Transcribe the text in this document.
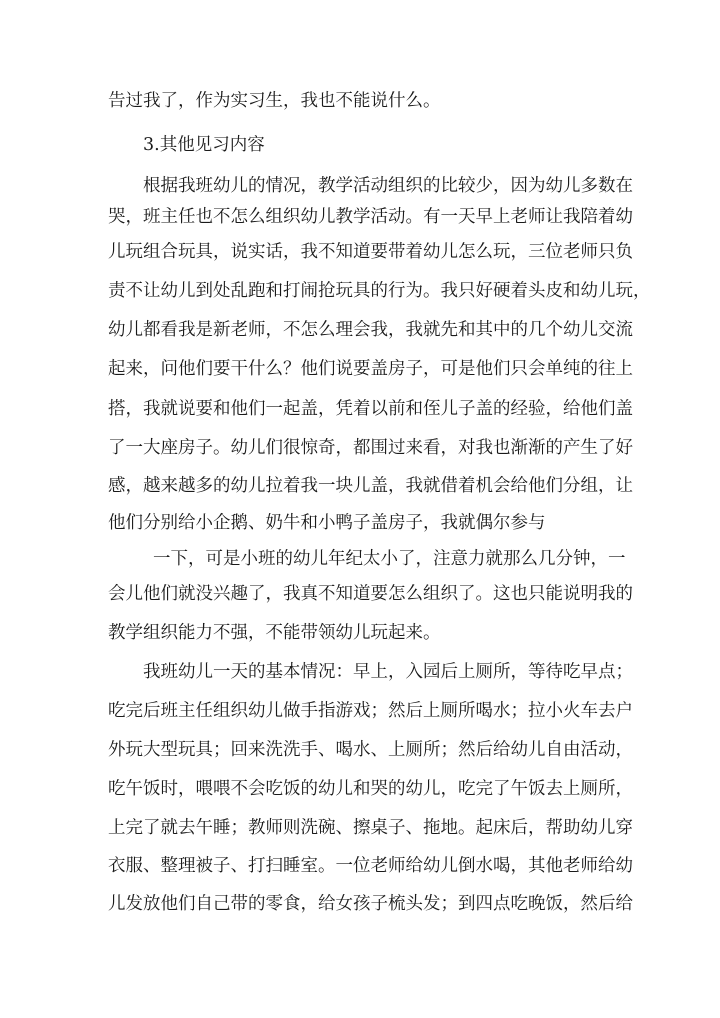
告过我了，作为实习生，我也不能说什么。
3.其他见习内容
根据我班幼儿的情况，教学活动组织的比较少，因为幼儿多数在
哭，班主任也不怎么组织幼儿教学活动。有一天早上老师让我陪着幼
儿玩组合玩具，说实话，我不知道要带着幼儿怎么玩，三位老师只负
责不让幼儿到处乱跑和打闹抢玩具的行为。我只好硬着头皮和幼儿玩，
幼儿都看我是新老师，不怎么理会我，我就先和其中的几个幼儿交流
起来，问他们要干什么？他们说要盖房子，可是他们只会单纯的往上
搭，我就说要和他们一起盖，凭着以前和侄儿子盖的经验，给他们盖
了一大座房子。幼儿们很惊奇，都围过来看，对我也渐渐的产生了好
感，越来越多的幼儿拉着我一块儿盖，我就借着机会给他们分组，让
他们分别给小企鹅、奶牛和小鸭子盖房子，我就偶尔参与
一下，可是小班的幼儿年纪太小了，注意力就那么几分钟，一
会儿他们就没兴趣了，我真不知道要怎么组织了。这也只能说明我的
教学组织能力不强，不能带领幼儿玩起来。
我班幼儿一天的基本情况：早上，入园后上厕所，等待吃早点；
吃完后班主任组织幼儿做手指游戏；然后上厕所喝水；拉小火车去户
外玩大型玩具；回来洗洗手、喝水、上厕所；然后给幼儿自由活动，
吃午饭时，喂喂不会吃饭的幼儿和哭的幼儿，吃完了午饭去上厕所，
上完了就去午睡；教师则洗碗、擦桌子、拖地。起床后，帮助幼儿穿
衣服、整理被子、打扫睡室。一位老师给幼儿倒水喝，其他老师给幼
儿发放他们自己带的零食，给女孩子梳头发；到四点吃晚饭，然后给
